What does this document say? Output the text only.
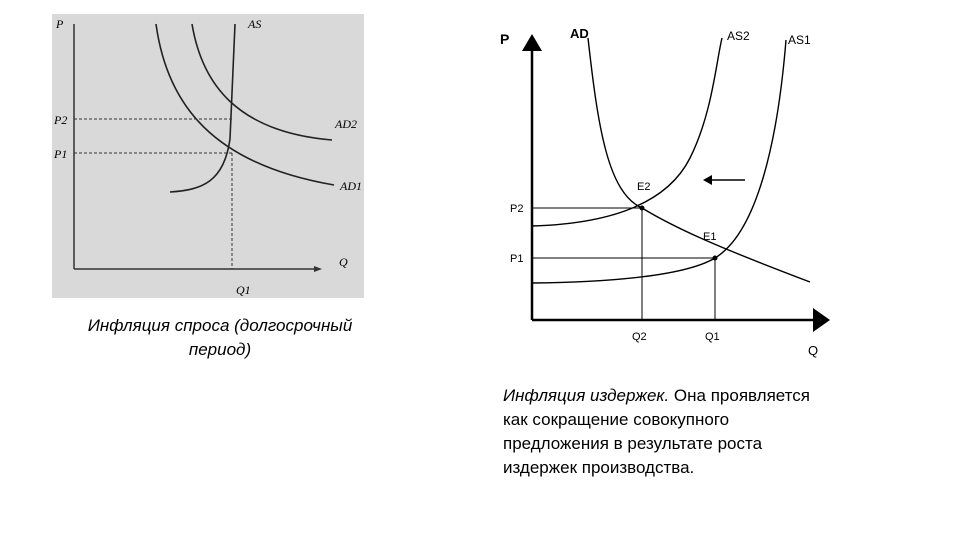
P
Q
AS
AD2
AD1
P2
P1
Q1
Инфляция спроса (долгосрочный
период)
P
Q
AD	AS2	AS1
E2
E1
P2
P1
Q2	Q1
Инфляция издержек. Она проявляется
как сокращение совокупного
предложения в результате роста
издержек производства.
